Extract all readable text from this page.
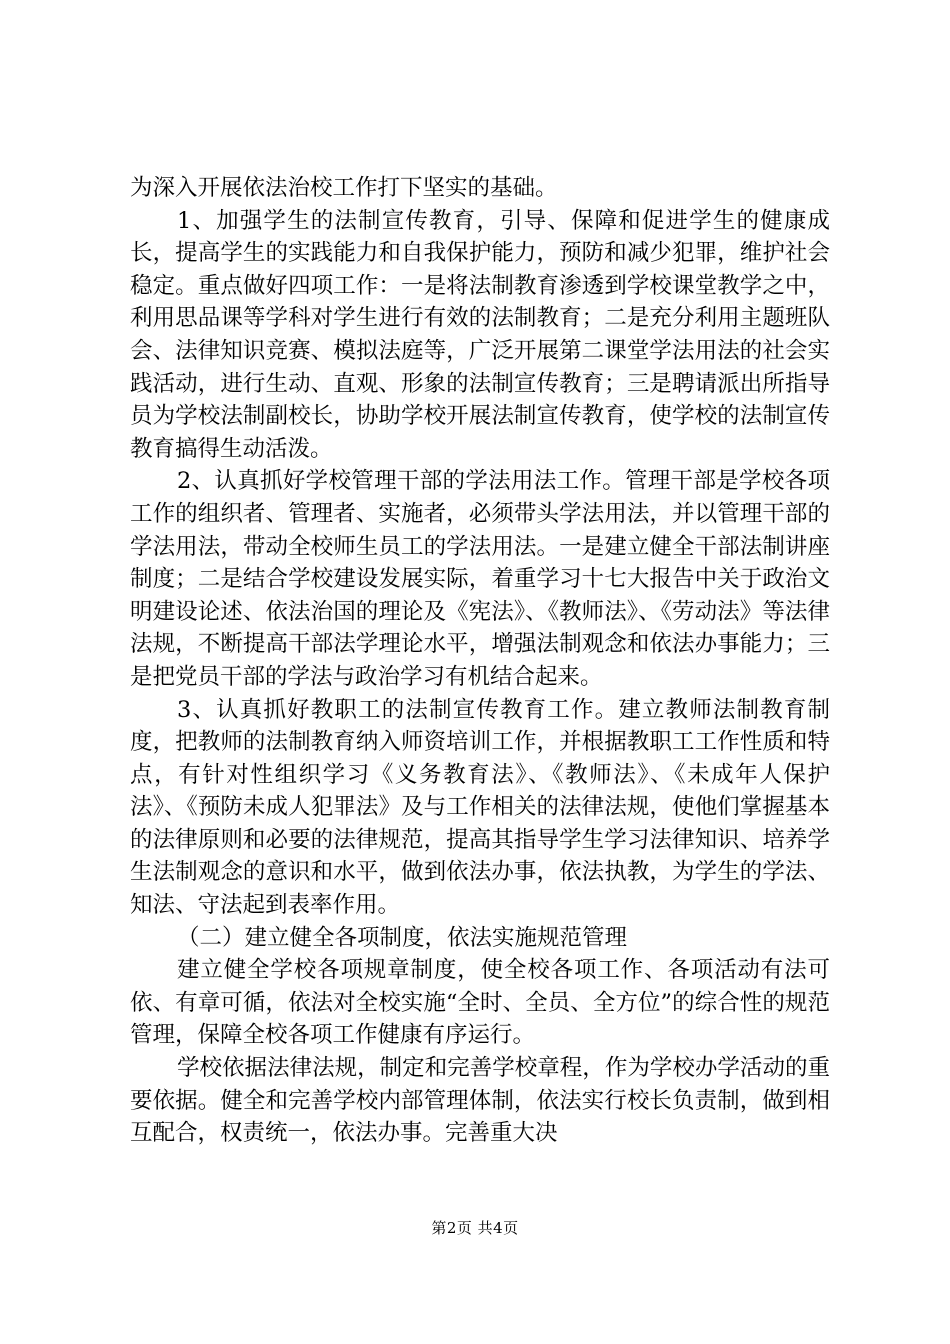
为深入开展依法治校工作打下坚实的基础。

1、加强学生的法制宣传教育，引导、保障和促进学生的健康成长，提高学生的实践能力和自我保护能力，预防和减少犯罪，维护社会稳定。重点做好四项工作：一是将法制教育渗透到学校课堂教学之中，利用思品课等学科对学生进行有效的法制教育；二是充分利用主题班队会、法律知识竞赛、模拟法庭等，广泛开展第二课堂学法用法的社会实践活动，进行生动、直观、形象的法制宣传教育；三是聘请派出所指导员为学校法制副校长，协助学校开展法制宣传教育，使学校的法制宣传教育搞得生动活泼。

2、认真抓好学校管理干部的学法用法工作。管理干部是学校各项工作的组织者、管理者、实施者，必须带头学法用法，并以管理干部的学法用法，带动全校师生员工的学法用法。一是建立健全干部法制讲座制度；二是结合学校建设发展实际，着重学习十七大报告中关于政治文明建设论述、依法治国的理论及《宪法》、《教师法》、《劳动法》等法律法规，不断提高干部法学理论水平，增强法制观念和依法办事能力；三是把党员干部的学法与政治学习有机结合起来。

3、认真抓好教职工的法制宣传教育工作。建立教师法制教育制度，把教师的法制教育纳入师资培训工作，并根据教职工工作性质和特点，有针对性组织学习《义务教育法》、《教师法》、《未成年人保护法》、《预防未成人犯罪法》及与工作相关的法律法规，使他们掌握基本的法律原则和必要的法律规范，提高其指导学生学习法律知识、培养学生法制观念的意识和水平，做到依法办事，依法执教，为学生的学法、知法、守法起到表率作用。

（二）建立健全各项制度，依法实施规范管理

建立健全学校各项规章制度，使全校各项工作、各项活动有法可依、有章可循，依法对全校实施“全时、全员、全方位”的综合性的规范管理，保障全校各项工作健康有序运行。

学校依据法律法规，制定和完善学校章程，作为学校办学活动的重要依据。健全和完善学校内部管理体制，依法实行校长负责制，做到相互配合，权责统一，依法办事。完善重大决

第2页 共4页
